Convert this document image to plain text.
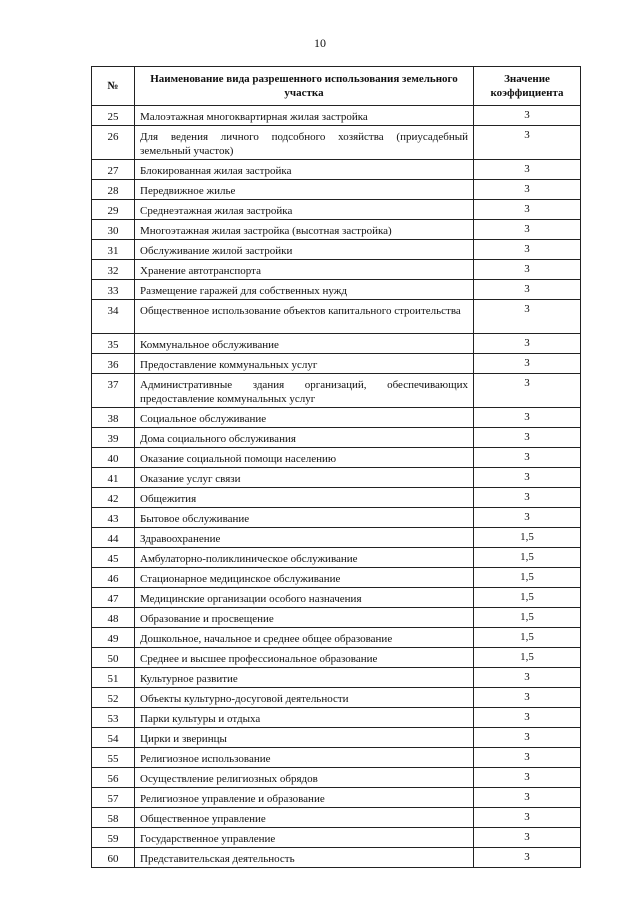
10
№	Наименование вида разрешенного использования земельного участка	Значение коэффициента
25	Малоэтажная многоквартирная жилая застройка	3
26	Для ведения личного подсобного хозяйства (приусадебный земельный участок)	3
27	Блокированная жилая застройка	3
28	Передвижное жилье	3
29	Среднеэтажная жилая застройка	3
30	Многоэтажная жилая застройка (высотная застройка)	3
31	Обслуживание жилой застройки	3
32	Хранение автотранспорта	3
33	Размещение гаражей для собственных нужд	3
34	Общественное использование объектов капитального строительства	3
35	Коммунальное обслуживание	3
36	Предоставление коммунальных услуг	3
37	Административные здания организаций, обеспечивающих предоставление коммунальных услуг	3
38	Социальное обслуживание	3
39	Дома социального обслуживания	3
40	Оказание социальной помощи населению	3
41	Оказание услуг связи	3
42	Общежития	3
43	Бытовое обслуживание	3
44	Здравоохранение	1,5
45	Амбулаторно-поликлиническое обслуживание	1,5
46	Стационарное медицинское обслуживание	1,5
47	Медицинские организации особого назначения	1,5
48	Образование и просвещение	1,5
49	Дошкольное, начальное и среднее общее образование	1,5
50	Среднее и высшее профессиональное образование	1,5
51	Культурное развитие	3
52	Объекты культурно-досуговой деятельности	3
53	Парки культуры и отдыха	3
54	Цирки и зверинцы	3
55	Религиозное использование	3
56	Осуществление религиозных обрядов	3
57	Религиозное управление и образование	3
58	Общественное управление	3
59	Государственное управление	3
60	Представительская деятельность	3
